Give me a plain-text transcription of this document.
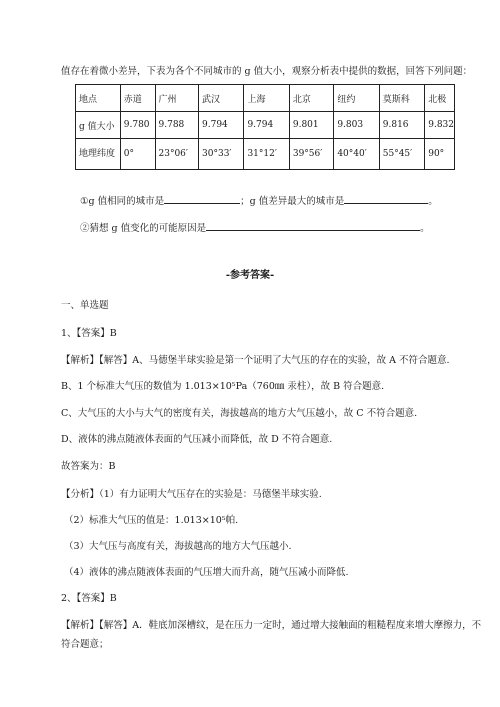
值存在着微小差异，下表为各个不同城市的 g 值大小，观察分析表中提供的数据，回答下列问题：
地点	赤道	广州	武汉	上海	北京	纽约	莫斯科	北极
g 值大小	9.780	9.788	9.794	9.794	9.801	9.803	9.816	9.832
地理纬度	0°	23°06′	30°33′	31°12′	39°56′	40°40′	55°45′	90°
①g 值相同的城市是	；g 值差异最大的城市是	。
②猜想 g 值变化的可能原因是	。
-参考答案-
一、单选题
1、【答案】B
【解析】【解答】A、马德堡半球实验是第一个证明了大气压的存在的实验，故 A 不符合题意.
B、1 个标准大气压的数值为 1.013×10⁵Pa（760㎜ 汞柱），故 B 符合题意.
C、大气压的大小与大气的密度有关，海拔越高的地方大气压越小，故 C 不符合题意.
D、液体的沸点随液体表面的气压减小而降低，故 D 不符合题意.
故答案为：B
【分析】（1）有力证明大气压存在的实验是：马德堡半球实验.
（2）标准大气压的值是：1.013×10⁵帕.
（3）大气压与高度有关，海拔越高的地方大气压越小.
（4）液体的沸点随液体表面的气压增大而升高，随气压减小而降低.
2、【答案】B
【解析】【解答】A．鞋底加深槽纹，是在压力一定时，通过增大接触面的粗糙程度来增大摩擦力，不
符合题意；
